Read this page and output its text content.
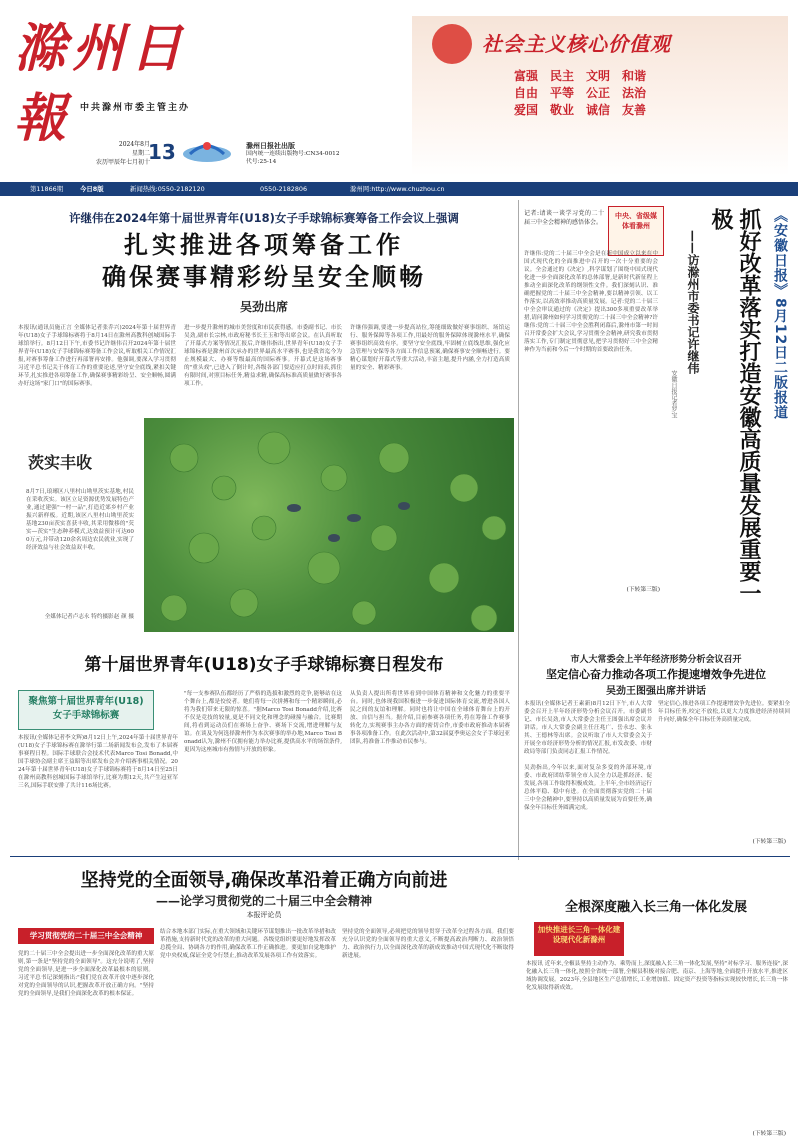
滁州日報 中共滁州市委主管主办
2024年8月
星期二
农历甲辰年七月初十
13	滁州日报社出版
国内统一连续出版物号:CN34-0012
代号:25-14
社会主义核心价值观
富强 民主 文明 和谐
自由 平等 公正 法治
爱国 敬业 诚信 友善
第11866期	今日8版	新闻热线:0550-2182120	0550-2182806	滁州网:http://www.chuzhou.cn
许继伟在2024年第十届世界青年(U18)女子手球锦标赛筹备工作会议上强调
扎实推进各项筹备工作
确保赛事精彩纷呈安全顺畅
吴劲出席
本报讯(通讯员施正言 全媒体记者张乔兴)2024年第十届世界青年(U18)女子手球锦标赛将于8月14日在滁州高教科创城国际手球馆举行。8月12日下午,市委书记许继伟召开2024年第十届世界青年(U18)女子手球锦标赛筹备工作会议,听取相关工作情况汇报,对赛事筹备工作进行再部署再安排。他强调,要深入学习贯彻习近平总书记关于体育工作的重要论述,坚守安全底线,紧扣关键环节,扎实推进各项筹备工作,确保赛事精彩纷呈、安全顺畅,圆满办好这场"家门口"的国际赛事。
进一步提升滁州的城市美誉度和市民获得感。市委副书记、市长吴劲,副市长宗林,市政府秘书长王玉和等出席会议。在认真听取了开幕式方案等情况汇报后,许继伟指出,世界青年(U18)女子手球锦标赛是滁州首次承办的世界最高水平赛事,也是我省迄今为止规模最大、办赛等级最高的国际赛事。开幕式是这场赛事的"重头戏",已进入了倒计时,各级各部门要适应打点时间表,抓住有限时间,对照目标任务,精益求精,确保高标准高质量做好赛事各项工作。
许继伟强调,要进一步提高站位,筹能细致做好赛事组织、场馆运行、服务保障等各项工作,用最好的服务保障体现滁州水平,确保赛事组织高效有序。要坚守安全底线,牢固树立底线思维,强化应急管理与安保等各方面工作信息预案,确保赛事安全顺畅进行。要精心谋划好开幕式等重大活动,丰富主题,提升内涵,全力打造高质量的安全、精彩赛事。
茨实丰收
8月7日,琅琊区八里村山坳里茨实基地,村民在采收茨实。该区立足资源优势发展特色产业,通过建强"一村一品",打造近郊乡村产业振兴新样板。近期,该区八里村山坳里茨实基地230亩茨实喜获丰收,其采用微移的"芡实—茨实"生态种养模式,达效益预计可达600万元,并带动120余名周边农民就业,实现了经济效益与社会效益双丰收。
全媒体记者卢志永 特约摄影赵 颜 摄
第十届世界青年(U18)女子手球锦标赛日程发布
聚焦第十届世界青年(U18)女子手球锦标赛
本报讯(全媒体记者李文辉)8月12日上午,2024年第十届世界青年(U18)女子手球锦标赛在滁举行第二场新闻发布会,发布了本届赛事赛程日程。国际手球联合会技术代表Marco Tosi Bonadd,中国手球协会副主席王益昭等出席发布会并介绍赛事相关情况。2024年第十届世界青年(U18)女子手球锦标赛将于8月14日至25日在滁州高教科创城国际手球馆举行,比赛为期12天,共产生冠亚军三名,国际手联安排了共计116场比赛。
"每一支参赛队伍都经历了严格的选拔和激烈的竞争,能够站在这个舞台上,都是佼佼者。她们将每一次拼搏和每一个精彩瞬间,必将为我们带来无限的惊喜。"据Marco Tosi Bonadd介绍,比赛不仅是竞技的较量,更是不同文化和理念的碰撞与融合。比赛期间,将看到运动员们在赛场上奋争、赛场下交流,增进理解与友谊。在谈及为何选择滁州作为本次赛事的举办地,Marco Tosi Bonadd认为,滁州不仅拥有能力举办比赛,提供高水平的场馆条件,更因为这座城市有热情与开放的形象。
从负责人提出所将世界看到中国体育精神和文化魅力的重要平台。同时,也体现我国积极进一步促进国际体育交流,增进各国人民之间的友谊和理解。同时也将让中国在全球体育舞台上的开放、自信与担当。据介绍,目前参赛各项任务,将在筹备工作赛事转化力,实现赛事主办各方面的密切合作,市委市政府推动本届赛事各项准备工作。在此次活动中,第32届夏季奥运会女子手球冠亚团队,将准备工作推动市民参与。
记者:请谈一谈学习党的二十届三中全会精神的感悟体会。
中央、省级媒体看滁州
许继伟:党的二十届三中全会是在新中国成立以来在中国式现代化的全面推进中召开的一次十分重要的会议。全会通过的《决定》,科学谋划了围绕中国式现代化进一步全面深化改革的总体部署,是新时代新征程上推动全面深化改革的纲领性文件。我们深刻认识、准确把握党的二十届三中全会精神,要以精神引领、以工作落实,以高效率推动高质量发展。记者:党的二十届三中全会审议通过的《决定》提出300多项重要改革举措,请问滁州如何学习贯彻党的二十届三中全会精神?许继伟:党的二十届三中全会胜利闭幕后,滁州市第一时间召开常委会扩大会议,学习贯彻全会精神,研究我市贯彻落实工作,专门制定贯彻意见,把学习贯彻好三中全会精神作为当前和今后一个时期的首要政治任务。
(下转第三版)
《安徽日报》8月12日二版报道
抓好改革落实打造安徽高质量发展重要一极
——访滁州市委书记许继伟
安徽日报记者罗宝
市人大常委会上半年经济形势分析会议召开
坚定信心奋力推动各项工作提速增效争先进位
吴劲王图强出席并讲话
本报讯(全媒体记者王素新)8月12日下午,市人大常委会召开上半年经济形势分析会议召开。市委副书记、市长吴劲,市人大常委会主任王图强出席会议并讲话。市人大常委会副主任汪兆广、岳永忠、张永其、王德林等出席。会议听取了市人大常委会关于开展全市经济形势分析的情况汇报,市发改委、市财政局等部门负责同志汇报工作情况。
吴劲指出,今年以来,面对复杂多变的外部环境,市委、市政府团结带领全市人民全力以赴抓经济、促发展,各项工作取得积极成效。上半年,全市经济运行总体平稳、稳中有进。在全面贯彻落实党的二十届三中全会精神中,要坚持以高质量发展为首要任务,确保全年目标任务圆满完成。
坚定信心,推进各项工作提速增效争先进位。要紧扣全年目标任务,咬定不放松,以更大力度推进经济持续回升向好,确保全年目标任务高质量完成。
(下转第三版)
坚持党的全面领导,确保改革沿着正确方向前进
——论学习贯彻党的二十届三中全会精神
本报评论员
学习贯彻党的二十届三中全会精神
党的二十届三中全会提出进一步全面深化改革的重大原则,第一条是"坚持党的全面领导"。这充分说明了,坚持党的全面领导,是进一步全面深化改革最根本的原则。习近平总书记深刻指出:"我们党在改革开放中逐步深化对党的全面领导的认识,把握改革开放正确方向。"坚持党的全面领导,是我们全面深化改革的根本保证。
结合本地本部门实际,在重大领域和关键环节谋划推出一批改革举措和改革措施,支持新时代党的改革的重大问题。各级党组织要更好地发挥改革总揽全局、协调各方的作用,确保改革工作正确推进。要更加自觉地维护党中央权威,保证全党令行禁止,推动改革发展各项工作有效落实。
坚持党的全面领导,必须把党的领导贯穿于改革全过程各方面。我们要充分认识党的全面领导的重大意义,不断提高政治判断力、政治领悟力、政治执行力,以全面深化改革的新成效推动中国式现代化不断取得新进展。
全根深度融入长三角一体化发展
加快推进长三角一体化建设现代化新滁州
本报讯 近年来,全椒县坚持主动作为、乘势而上,深度融入长三角一体化发展,坚持"对标学习、服务连接",深化融入长三角一体化,按照全省统一部署,全椒县积极对接合肥、南京、上海等地,全面提升开放水平,推进区域协调发展。2023年,全县地区生产总值增长,工业增加值、固定资产投资等指标实现较快增长,长三角一体化发展取得新成效。
(下转第三版)
